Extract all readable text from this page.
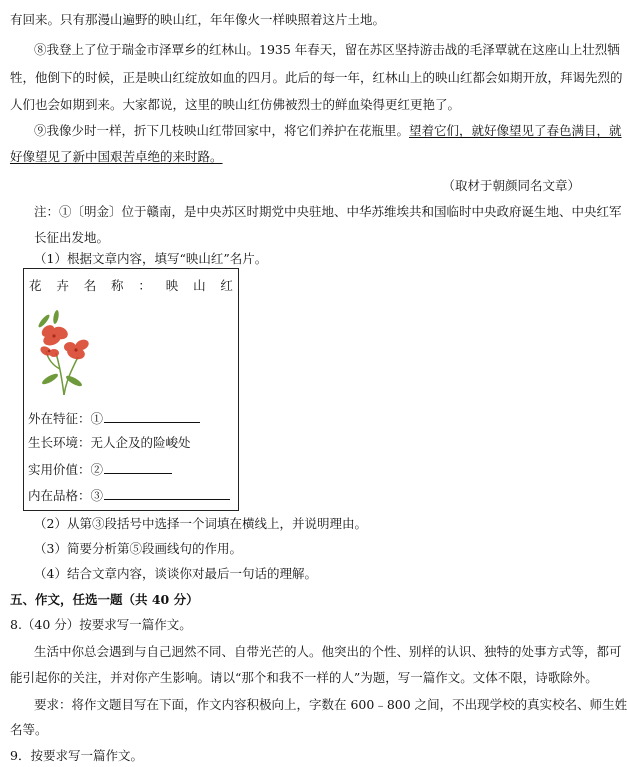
有回来。只有那漫山遍野的映山红，年年像火一样映照着这片土地。
⑧我登上了位于瑞金市泽覃乡的红林山。1935 年春天，留在苏区坚持游击战的毛泽覃就在这座山上壮烈牺
牲，他倒下的时候，正是映山红绽放如血的四月。此后的每一年，红林山上的映山红都会如期开放，拜谒先烈的
人们也会如期到来。大家都说，这里的映山红仿佛被烈士的鲜血染得更红更艳了。
⑨我像少时一样，折下几枝映山红带回家中，将它们养护在花瓶里。望着它们，就好像望见了春色满目，就
好像望见了新中国艰苦卓绝的来时路。
（取材于朝颜同名文章）
注：①〔明金〕位于赣南，是中央苏区时期党中央驻地、中华苏维埃共和国临时中央政府诞生地、中央红军
长征出发地。
（1）根据文章内容，填写“映山红”名片。
花 卉 名 称 ： 映 山 红
外在特征：①
生长环境：无人企及的险峻处
实用价值：②
内在品格：③
（2）从第③段括号中选择一个词填在横线上，并说明理由。
（3）简要分析第⑤段画线句的作用。
（4）结合文章内容，谈谈你对最后一句话的理解。
五、作文，任选一题（共 40 分）
8.（40 分）按要求写一篇作文。
生活中你总会遇到与自己迥然不同、自带光芒的人。他突出的个性、别样的认识、独特的处事方式等，都可
能引起你的关注，并对你产生影响。请以“那个和我不一样的人”为题，写一篇作文。文体不限，诗歌除外。
要求：将作文题目写在下面，作文内容积极向上，字数在 600﹣800 之间，不出现学校的真实校名、师生姓
名等。
9．按要求写一篇作文。
